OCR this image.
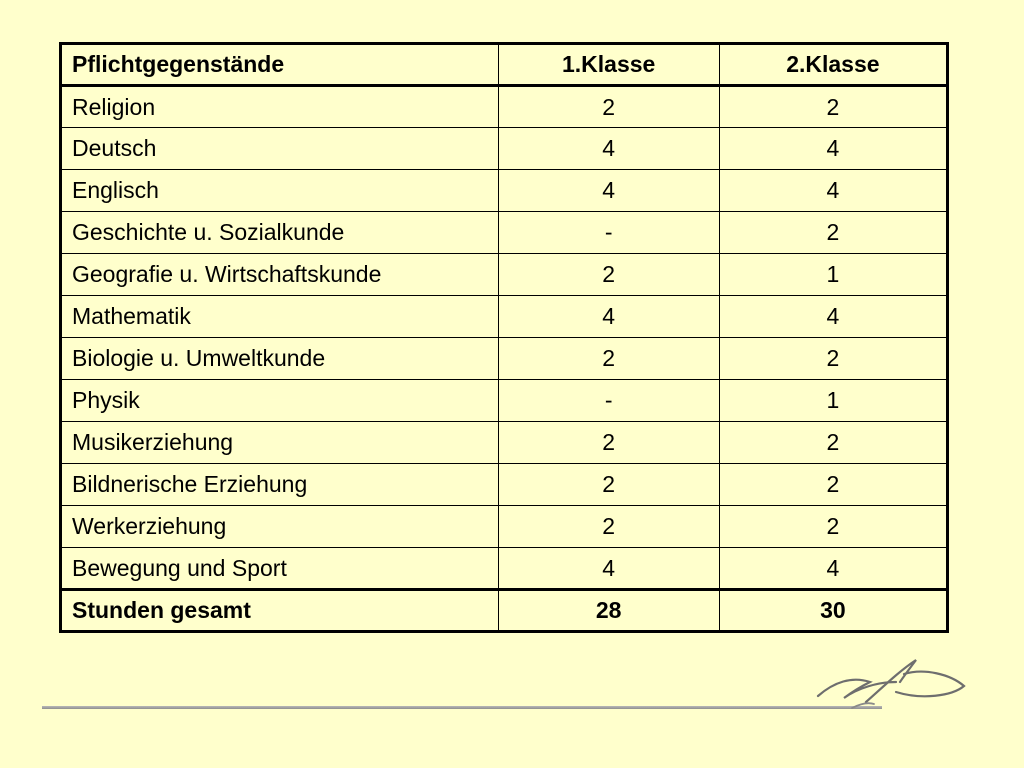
Pflichtgegenstände	1.Klasse	2.Klasse
Religion	2	2
Deutsch	4	4
Englisch	4	4
Geschichte u. Sozialkunde	-	2
Geografie u. Wirtschaftskunde	2	1
Mathematik	4	4
Biologie u. Umweltkunde	2	2
Physik	-	1
Musikerziehung	2	2
Bildnerische Erziehung	2	2
Werkerziehung	2	2
Bewegung und Sport	4	4
Stunden gesamt	28	30
